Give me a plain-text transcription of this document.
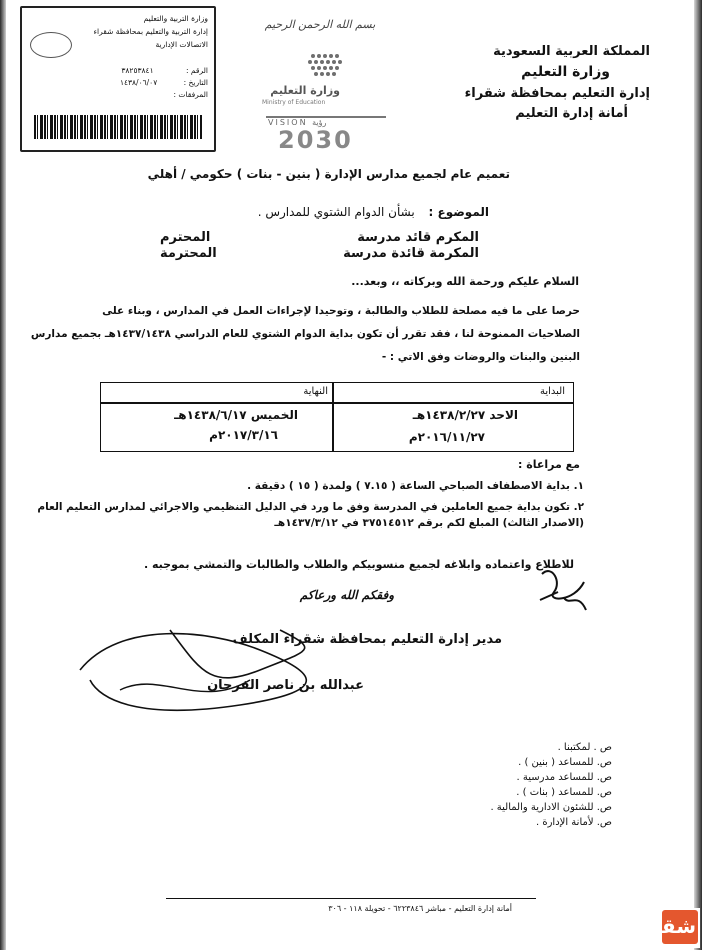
وزارة التربية والتعليم
إدارة التربية والتعليم بمحافظة شقراء
الاتصالات الإدارية
الرقم : ٣٨٢٥٣٨٤١
التاريخ : ١٤٣٨/٠٦/٠٧
المرفقات :
بسم الله الرحمن الرحيم
وزارة التعليم
Ministry of Education
VISION رؤية
2030
المملكة العربية السعودية
وزارة التعليم
إدارة التعليم بمحافظة شقراء
أمانة إدارة التعليم
تعميم عام لجميع مدارس الإدارة ( بنين - بنات ) حكومي / أهلي
الموضوع : بشأن الدوام الشتوي للمدارس .
المكرم قائد مدرسة
المكرمة قائدة مدرسة
المحترم
المحترمة
السلام عليكم ورحمة الله وبركاته ،، وبعد...
حرصا على ما فيه مصلحة للطلاب والطالبة ، وتوحيدا لإجراءات العمل في المدارس ، وبناء على
الصلاحيات الممنوحة لنا ، فقد تقرر أن تكون بداية الدوام الشتوي للعام الدراسي ١٤٣٧/١٤٣٨هـ بجميع مدارس
البنين والبنات والروضات وفق الاتي : -
البداية
النهاية
الاحد ١٤٣٨/٢/٢٧هـ
٢٠١٦/١١/٢٧م
الخميس ١٤٣٨/٦/١٧هـ
٢٠١٧/٣/١٦م
مع مراعاة :
١. بداية الاصطفاف الصباحي الساعة ( ٧.١٥ ) ولمدة ( ١٥ ) دقيقة .
٢. تكون بداية جميع العاملين في المدرسة وفق ما ورد في الدليل التنظيمي والاجرائي لمدارس التعليم العام
(الاصدار الثالث) المبلغ لكم برقم ٣٧٥١٤٥١٢ في ١٤٣٧/٣/١٢هـ
للاطلاع واعتماده وابلاغه لجميع منسوبيكم والطلاب والطالبات والتمشي بموجبه .
وفقكم الله ورعاكم
مدير إدارة التعليم بمحافظة شقراء المكلف
عبدالله بن ناصر الفرحان
ص . لمكتبنا .
ص. للمساعد ( بنين ) .
ص. للمساعد مدرسية .
ص. للمساعد ( بنات ) .
ص. للشئون الادارية والمالية .
ص. لأمانة الإدارة .
أمانة إدارة التعليم - مباشر ٦٢٢٣٨٤٦ - تحويلة ١١٨ - ٣٠٦
شقراء
